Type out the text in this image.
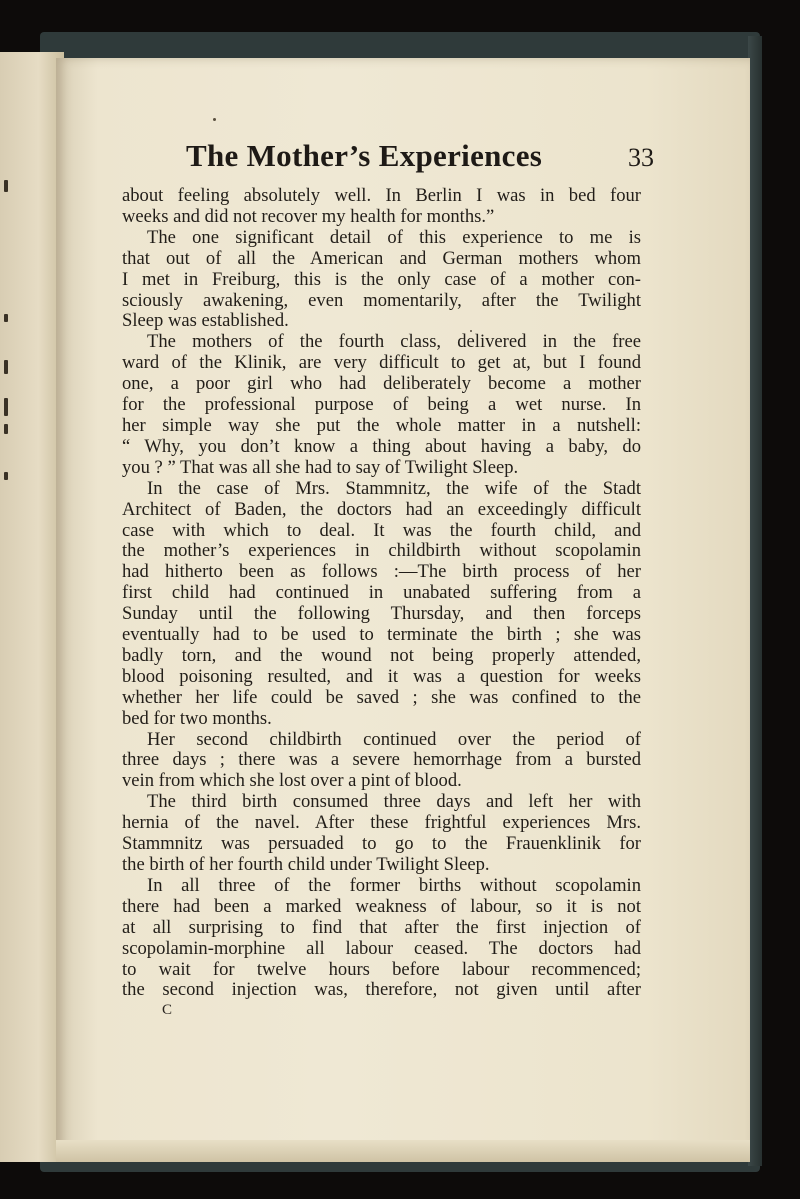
The Mother’s Experiences	33
about feeling absolutely well. In Berlin I was in bed four
weeks and did not recover my health for months.”
The one significant detail of this experience to me is
that out of all the American and German mothers whom
I met in Freiburg, this is the only case of a mother con-
sciously awakening, even momentarily, after the Twilight
Sleep was established.
The mothers of the fourth class, delivered in the free
ward of the Klinik, are very difficult to get at, but I found
one, a poor girl who had deliberately become a mother
for the professional purpose of being a wet nurse. In
her simple way she put the whole matter in a nutshell:
“ Why, you don’t know a thing about having a baby, do
you ? ” That was all she had to say of Twilight Sleep.
In the case of Mrs. Stammnitz, the wife of the Stadt
Architect of Baden, the doctors had an exceedingly difficult
case with which to deal. It was the fourth child, and
the mother’s experiences in childbirth without scopolamin
had hitherto been as follows :—The birth process of her
first child had continued in unabated suffering from a
Sunday until the following Thursday, and then forceps
eventually had to be used to terminate the birth ; she was
badly torn, and the wound not being properly attended,
blood poisoning resulted, and it was a question for weeks
whether her life could be saved ; she was confined to the
bed for two months.
Her second childbirth continued over the period of
three days ; there was a severe hemorrhage from a bursted
vein from which she lost over a pint of blood.
The third birth consumed three days and left her with
hernia of the navel. After these frightful experiences Mrs.
Stammnitz was persuaded to go to the Frauenklinik for
the birth of her fourth child under Twilight Sleep.
In all three of the former births without scopolamin
there had been a marked weakness of labour, so it is not
at all surprising to find that after the first injection of
scopolamin-morphine all labour ceased. The doctors had
to wait for twelve hours before labour recommenced;
the second injection was, therefore, not given until after
C
